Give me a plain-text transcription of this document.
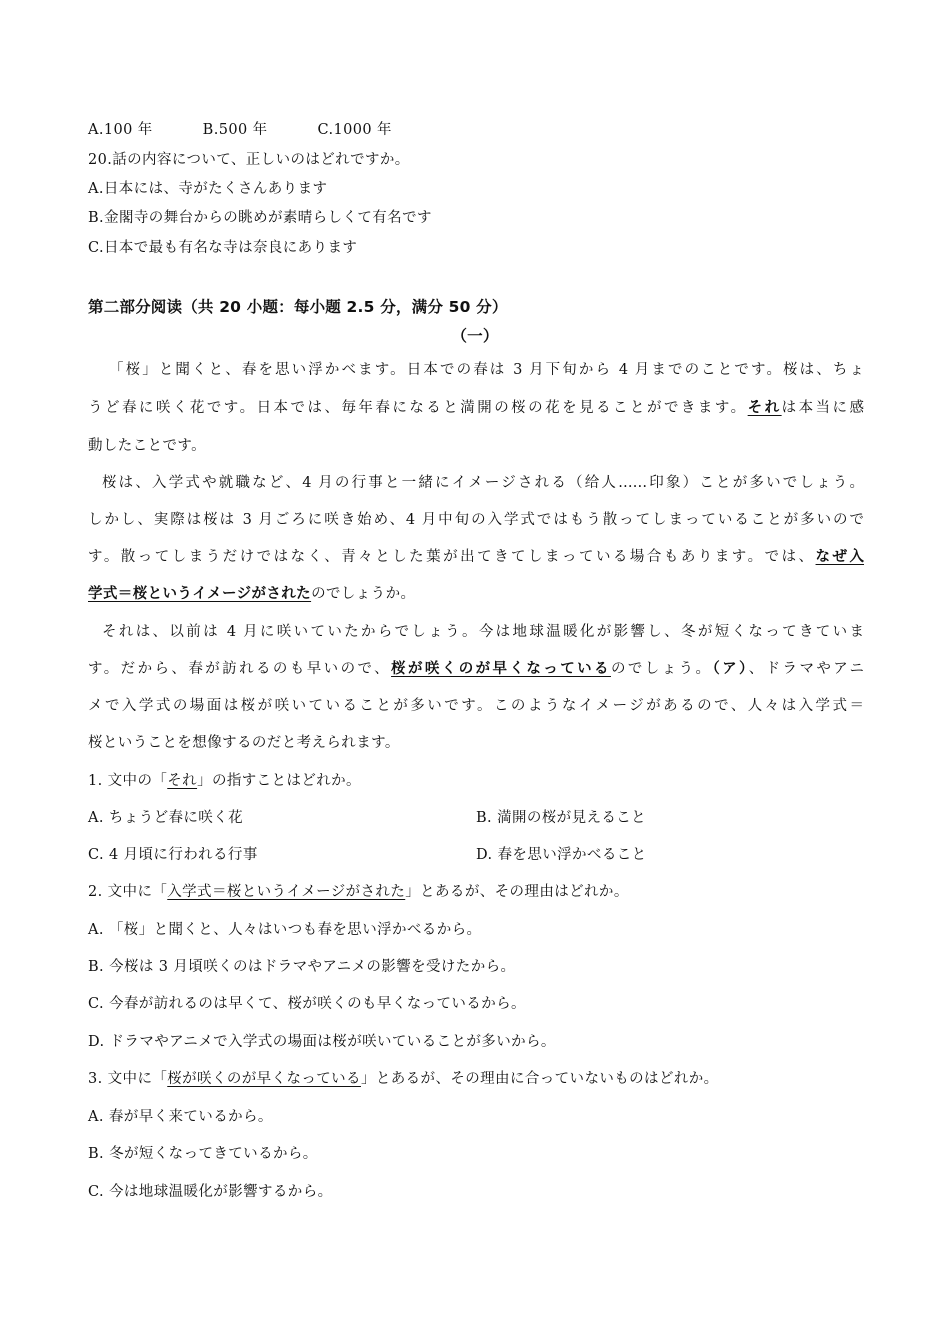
A.100 年	B.500 年	C.1000 年
20.話の内容について、正しいのはどれですか。
A.日本には、寺がたくさんあります
B.金閣寺の舞台からの眺めが素晴らしくて有名です
C.日本で最も有名な寺は奈良にあります
第二部分阅读（共 20 小题：每小题 2.5 分，满分 50 分）
（一）
「桜」と聞くと、春を思い浮かべます。日本での春は 3 月下旬から 4 月までのことです。桜は、ちょ
うど春に咲く花です。日本では、毎年春になると満開の桜の花を見ることができます。それは本当に感
動したことです。
桜は、入学式や就職など、4 月の行事と一緒にイメージされる（给人……印象）ことが多いでしょう。
しかし、実際は桜は 3 月ごろに咲き始め、4 月中旬の入学式ではもう散ってしまっていることが多いので
す。散ってしまうだけではなく、青々とした葉が出てきてしまっている場合もあります。では、なぜ入
学式＝桜というイメージがされたのでしょうか。
それは、以前は 4 月に咲いていたからでしょう。今は地球温暖化が影響し、冬が短くなってきていま
す。だから、春が訪れるのも早いので、桜が咲くのが早くなっているのでしょう。（ア）、ドラマやアニ
メで入学式の場面は桜が咲いていることが多いです。このようなイメージがあるので、人々は入学式＝
桜ということを想像するのだと考えられます。
1. 文中の「それ」の指すことはどれか。
A. ちょうど春に咲く花	B. 満開の桜が見えること
C. 4 月頃に行われる行事	D. 春を思い浮かべること
2. 文中に「入学式＝桜というイメージがされた」とあるが、その理由はどれか。
A. 「桜」と聞くと、人々はいつも春を思い浮かべるから。
B. 今桜は 3 月頃咲くのはドラマやアニメの影響を受けたから。
C. 今春が訪れるのは早くて、桜が咲くのも早くなっているから。
D. ドラマやアニメで入学式の場面は桜が咲いていることが多いから。
3. 文中に「桜が咲くのが早くなっている」とあるが、その理由に合っていないものはどれか。
A. 春が早く来ているから。
B. 冬が短くなってきているから。
C. 今は地球温暖化が影響するから。
